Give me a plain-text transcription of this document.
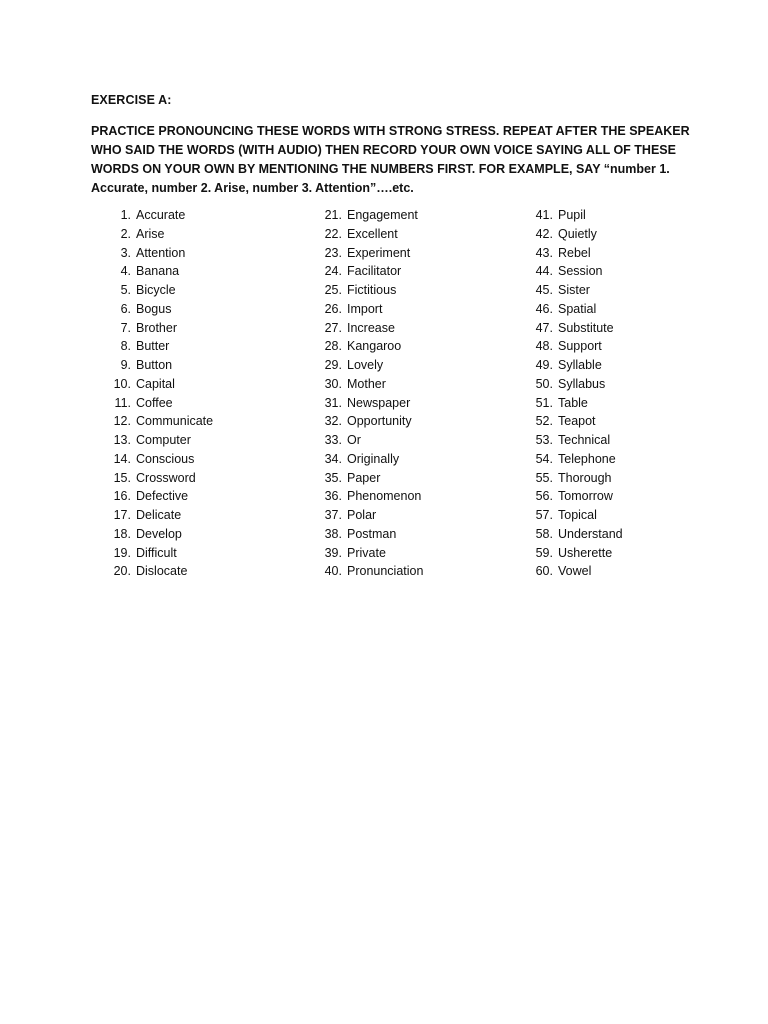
EXERCISE A:
PRACTICE PRONOUNCING THESE WORDS WITH STRONG STRESS. REPEAT AFTER THE SPEAKER WHO SAID THE WORDS (WITH AUDIO) THEN RECORD YOUR OWN VOICE SAYING ALL OF THESE WORDS ON YOUR OWN BY MENTIONING THE NUMBERS FIRST. FOR EXAMPLE, SAY “number 1. Accurate, number 2. Arise, number 3. Attention”….etc.
1. Accurate
2. Arise
3. Attention
4. Banana
5. Bicycle
6. Bogus
7. Brother
8. Butter
9. Button
10. Capital
11. Coffee
12. Communicate
13. Computer
14. Conscious
15. Crossword
16. Defective
17. Delicate
18. Develop
19. Difficult
20. Dislocate
21. Engagement
22. Excellent
23. Experiment
24. Facilitator
25. Fictitious
26. Import
27. Increase
28. Kangaroo
29. Lovely
30. Mother
31. Newspaper
32. Opportunity
33. Or
34. Originally
35. Paper
36. Phenomenon
37. Polar
38. Postman
39. Private
40. Pronunciation
41. Pupil
42. Quietly
43. Rebel
44. Session
45. Sister
46. Spatial
47. Substitute
48. Support
49. Syllable
50. Syllabus
51. Table
52. Teapot
53. Technical
54. Telephone
55. Thorough
56. Tomorrow
57. Topical
58. Understand
59. Usherette
60. Vowel
